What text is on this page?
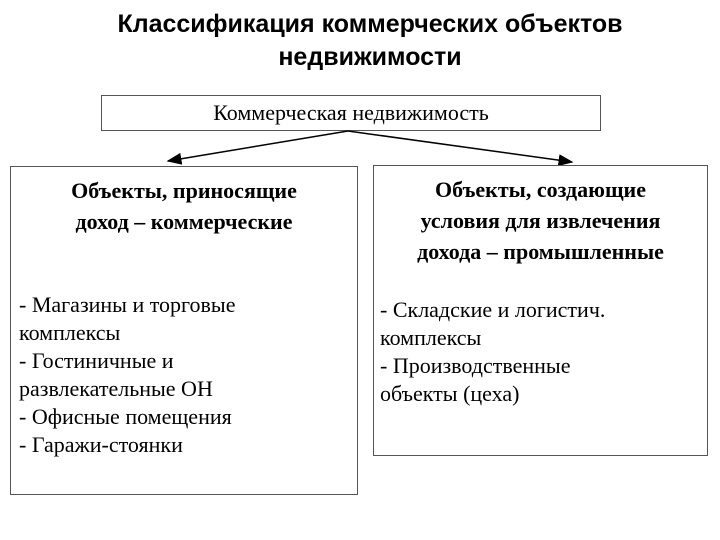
Классификация коммерческих объектов
недвижимости
Коммерческая недвижимость
Объекты, приносящие
доход – коммерческие
- Магазины и торговые
комплексы
- Гостиничные и
развлекательные ОН
- Офисные помещения
- Гаражи-стоянки
Объекты, создающие
условия для извлечения
дохода – промышленные
- Складские и логистич.
комплексы
- Производственные
объекты (цеха)
